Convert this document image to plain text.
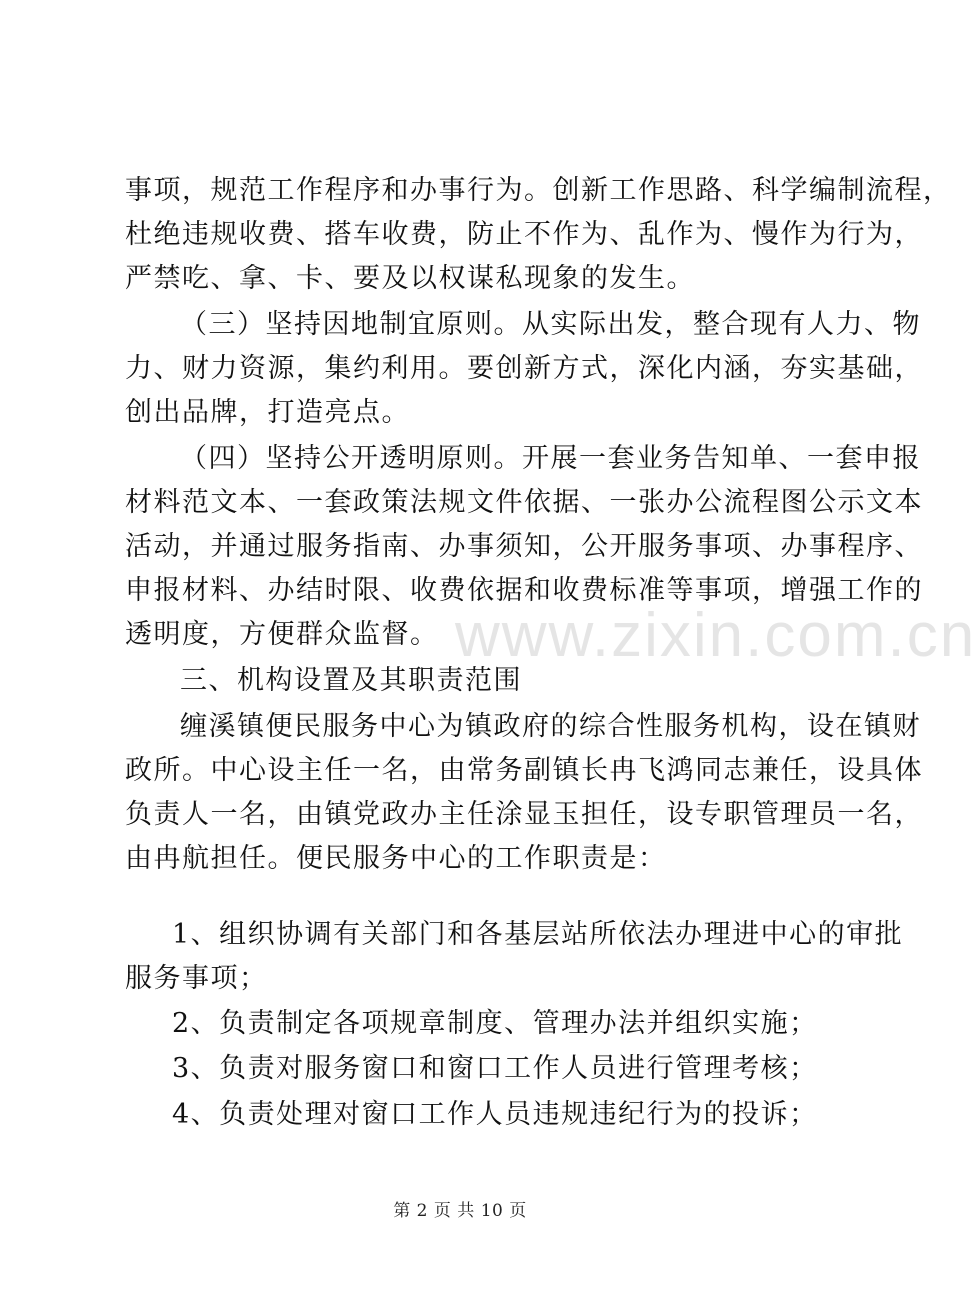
事项，规范工作程序和办事行为。创新工作思路、科学编制流程，
杜绝违规收费、搭车收费，防止不作为、乱作为、慢作为行为，
严禁吃、拿、卡、要及以权谋私现象的发生。
（三）坚持因地制宜原则。从实际出发，整合现有人力、物
力、财力资源，集约利用。要创新方式，深化内涵，夯实基础，
创出品牌，打造亮点。
（四）坚持公开透明原则。开展一套业务告知单、一套申报
材料范文本、一套政策法规文件依据、一张办公流程图公示文本
活动，并通过服务指南、办事须知，公开服务事项、办事程序、
申报材料、办结时限、收费依据和收费标准等事项，增强工作的
透明度，方便群众监督。
三、机构设置及其职责范围
缠溪镇便民服务中心为镇政府的综合性服务机构，设在镇财
政所。中心设主任一名，由常务副镇长冉飞鸿同志兼任，设具体
负责人一名，由镇党政办主任涂显玉担任，设专职管理员一名，
由冉航担任。便民服务中心的工作职责是：
1、组织协调有关部门和各基层站所依法办理进中心的审批
服务事项；
2、负责制定各项规章制度、管理办法并组织实施；
3、负责对服务窗口和窗口工作人员进行管理考核；
4、负责处理对窗口工作人员违规违纪行为的投诉；
www.zixin.com.cn
第 2 页 共 10 页
